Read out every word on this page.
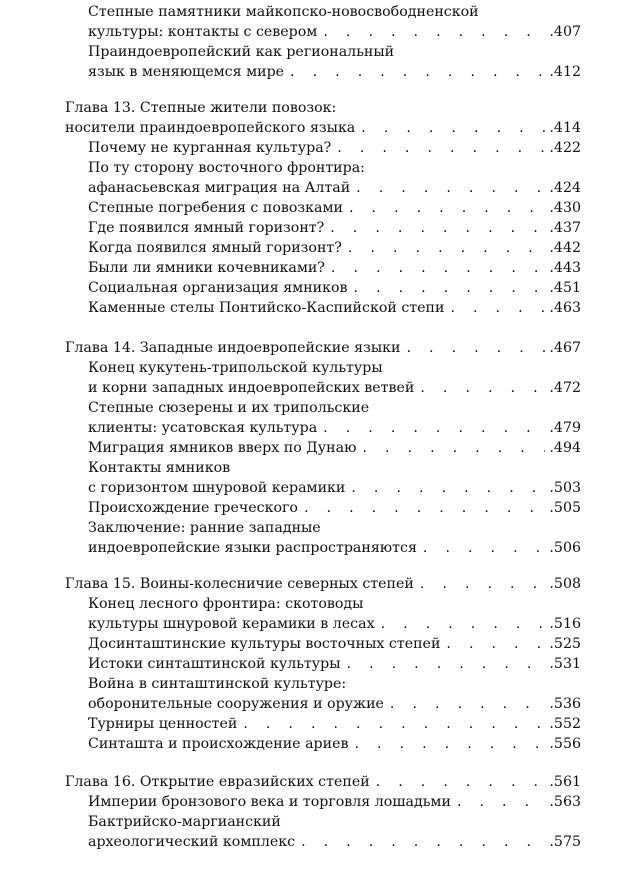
Степные памятники майкопско-новосвободненской
культуры: контакты с севером .	.407
Праиндоевропейский как региональный
язык в меняющемся мире .	.412
Глава 13. Степные жители повозок:
носители праиндоевропейского языка .	.414
Почему не курганная культура? .	.422
По ту сторону восточного фронтира:
афанасьевская миграция на Алтай .	.424
Степные погребения с повозками .	.430
Где появился ямный горизонт? .	.437
Когда появился ямный горизонт? .	.442
Были ли ямники кочевниками? .	.443
Социальная организация ямников .	.451
Каменные стелы Понтийско-Каспийской степи .	.463
Глава 14. Западные индоевропейские языки .	.467
Конец кукутень-трипольской культуры
и корни западных индоевропейских ветвей .	.472
Степные сюзерены и их трипольские
клиенты: усатовская культура .	.479
Миграция ямников вверх по Дунаю .	.494
Контакты ямников
с горизонтом шнуровой керамики .	.503
Происхождение греческого .	.505
Заключение: ранние западные
индоевропейские языки распространяются .	.506
Глава 15. Воины-колесничие северных степей .	.508
Конец лесного фронтира: скотоводы
культуры шнуровой керамики в лесах .	.516
Досинташтинские культуры восточных степей .	.525
Истоки синташтинской культуры .	.531
Война в синташтинской культуре:
оборонительные сооружения и оружие .	.536
Турниры ценностей .	.552
Синташта и происхождение ариев .	.556
Глава 16. Открытие евразийских степей .	.561
Империи бронзового века и торговля лошадьми .	.563
Бактрийско-маргианский
археологический комплекс .	.575
